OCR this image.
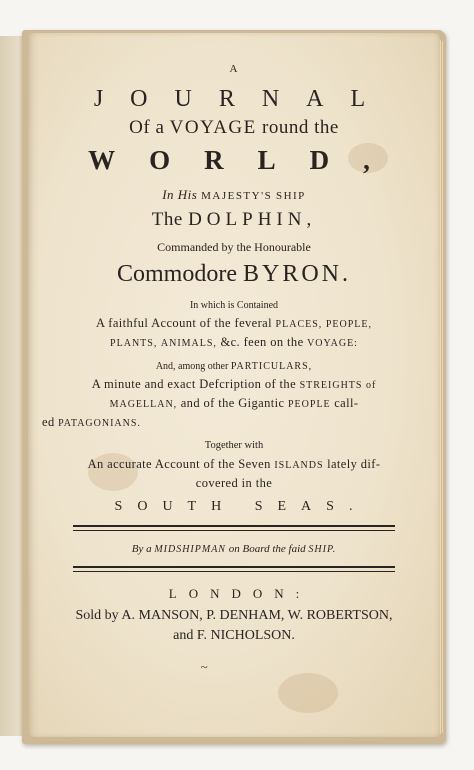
A
JOURNAL
Of a VOYAGE round the
WORLD,
In His MAJESTY'S SHIP
The DOLPHIN,
Commanded by the Honourable
Commodore BYRON.
In which is Contained
A faithful Account of the feveral PLACES, PEOPLE,
PLANTS, ANIMALS, &c. feen on the VOYAGE:
And, among other PARTICULARS,
A minute and exact Defcription of the STREIGHTS of
MAGELLAN, and of the Gigantic PEOPLE call-
ed PATAGONIANS.
Together with
An accurate Account of the Seven ISLANDS lately dif-
covered in the
SOUTH SEAS.
By a MIDSHIPMAN on Board the faid SHIP.
LONDON:
Sold by A. MANSON, P. DENHAM, W. ROBERTSON,
and F. NICHOLSON.
~
